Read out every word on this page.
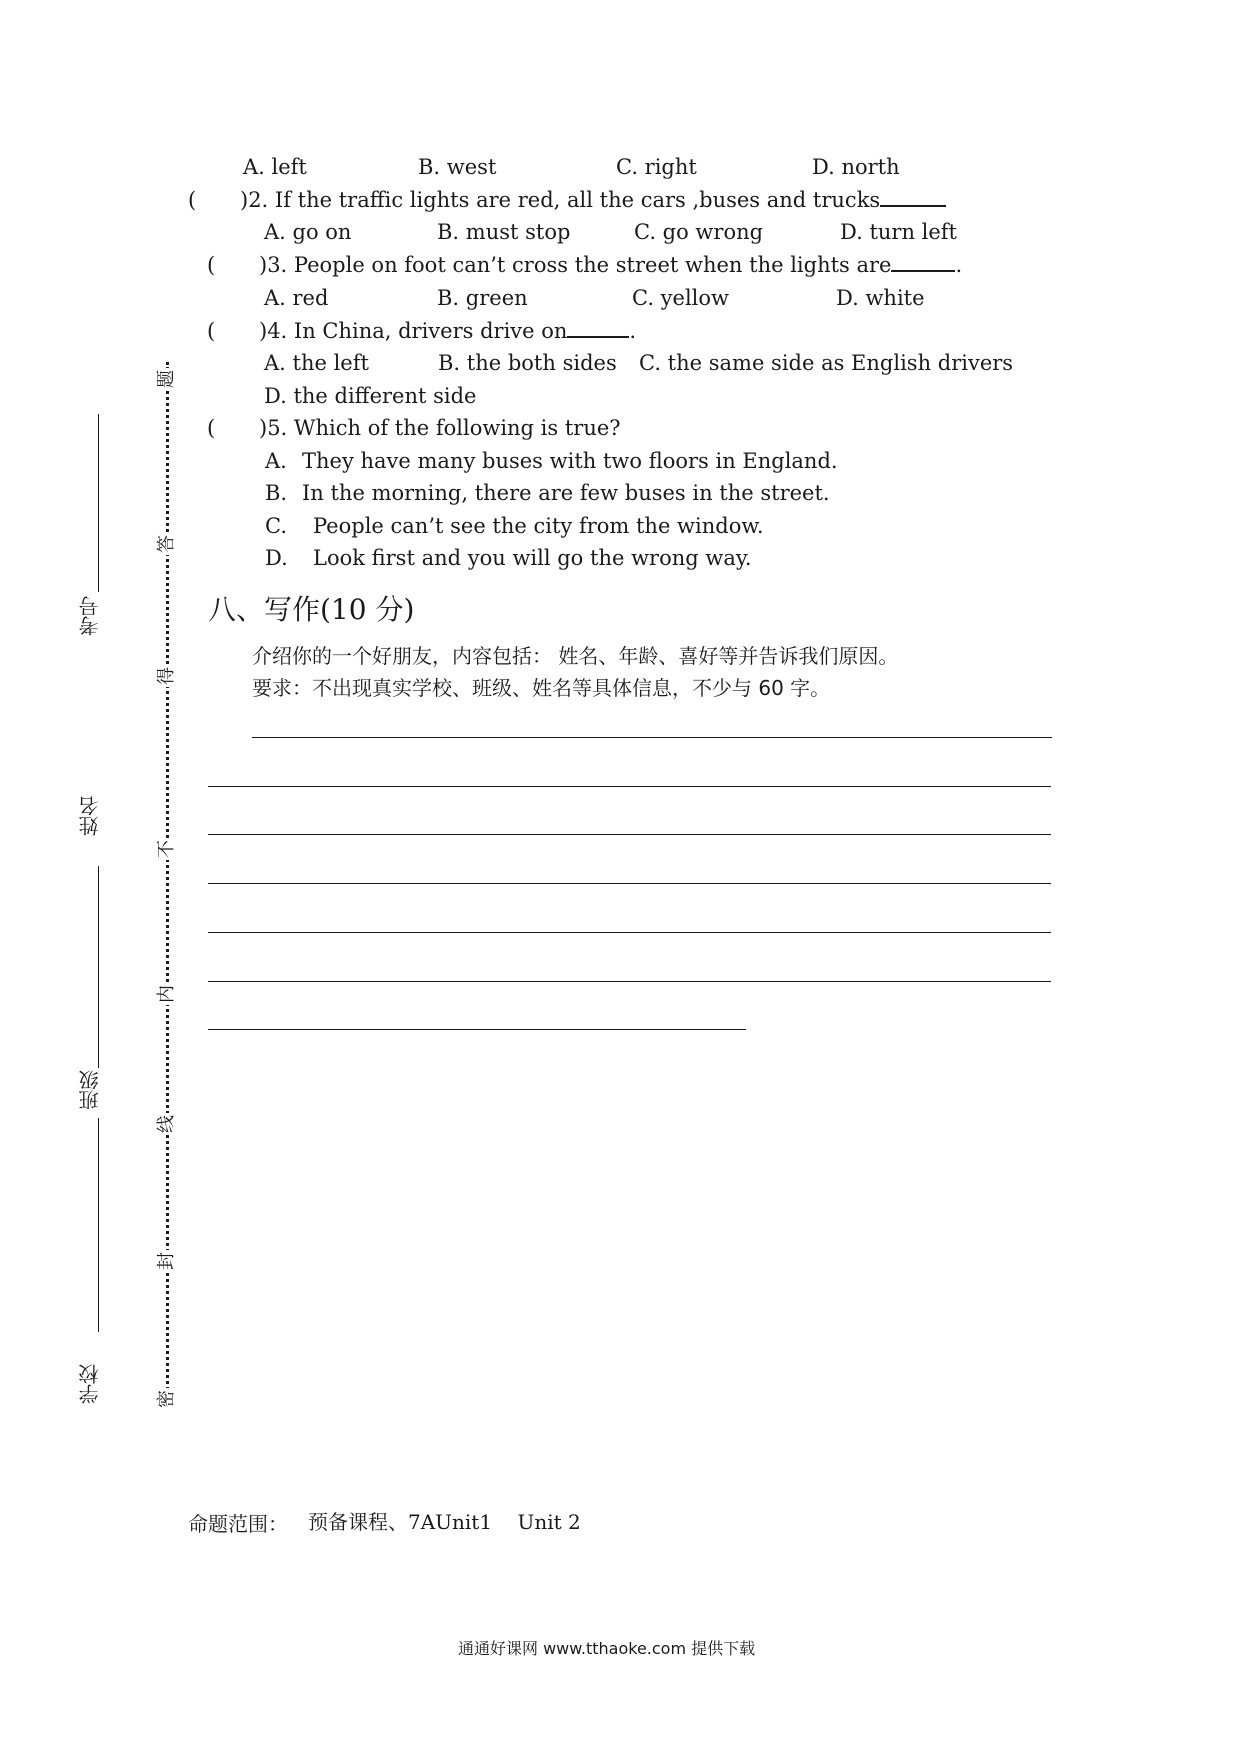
A. left	B. west	C. right	D. north
( )2. If the traffic lights are red, all the cars ,buses and trucks
A. go on	B. must stop	C. go wrong	D. turn left
( )3. People on foot can’t cross the street when the lights are	.
A. red	B. green	C. yellow	D. white
( )4. In China, drivers drive on	.
A. the left	B. the both sides C. the same side as English drivers
D. the different side
( )5. Which of the following is true?
A. They have many buses with two floors in England.
B. In the morning, there are few buses in the street.
C. People can’t see the city from the window.
D. Look first and you will go the wrong way.
八、写作(10 分)
介绍你的一个好朋友，内容包括： 姓名、年龄、喜好等并告诉我们原因。
要求：不出现真实学校、班级、姓名等具体信息，不少与 60 字。
考号
姓名
班级
学校
题
答
得
不
内
线
封
密
命题范围： 预备课程、7AUnit1    Unit 2
通通好课网 www.tthaoke.com 提供下载
